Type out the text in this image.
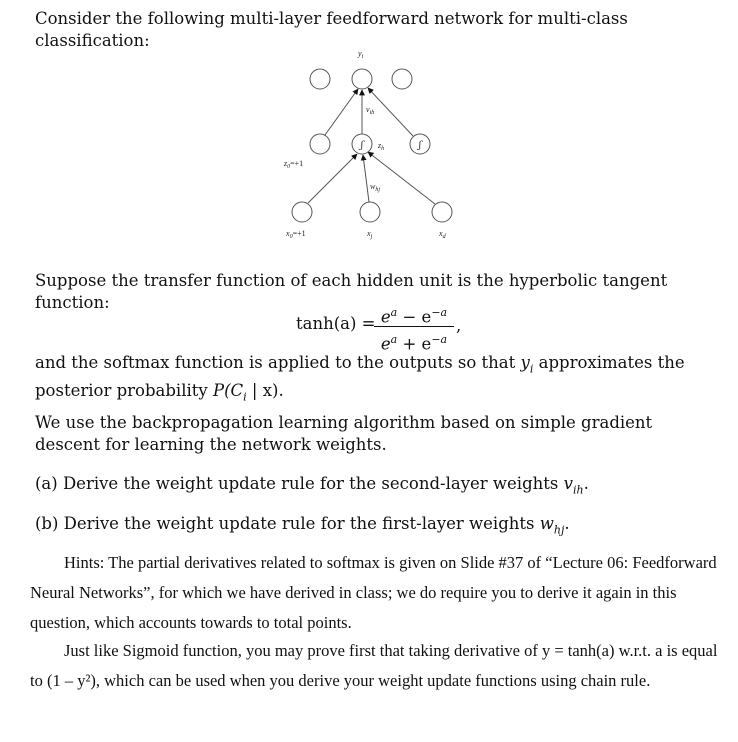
Consider the following multi-layer feedforward network for multi-class classification:

ʃ	ʃ
$y_i$
$v_{ih}$
$z_h$
$w_{hj}$
$z_0=+1$
$x_0=+1$	$x_j$	$x_d$

Suppose the transfer function of each hidden unit is the hyperbolic tangent function:

$\tanh(a) = e^a - e^{-a}$
$e^a + e^{-a}$
,

and the softmax function is applied to the outputs so that $y_i$ approximates the posterior probability $P(C_i$ | x).

We use the backpropagation learning algorithm based on simple gradient descent for learning the network weights.

(a) Derive the weight update rule for the second-layer weights $v_{ih}$.

(b) Derive the weight update rule for the first-layer weights $w_{hj}$.

Hints: The partial derivatives related to softmax is given on Slide #37 of “Lecture 06: Feedforward Neural Networks”, for which we have derived in class; we do require you to derive it again in this question, which accounts towards to total points.

Just like Sigmoid function, you may prove first that taking derivative of y = tanh(a) w.r.t. a is equal to (1 – y²), which can be used when you derive your weight update functions using chain rule.
